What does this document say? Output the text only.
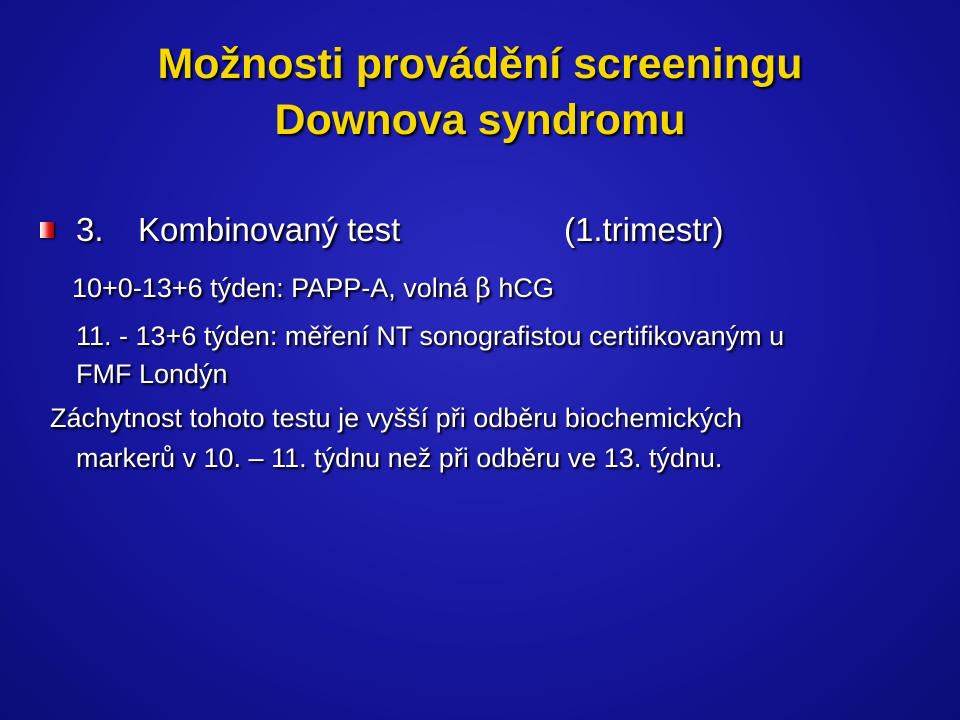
Možnosti provádění screeningu
Downova syndromu
3. Kombinovaný test	(1.trimestr)
10+0-13+6 týden: PAPP-A, volná β hCG
11. - 13+6 týden: měření NT sonografistou certifikovaným u
FMF Londýn
Záchytnost tohoto testu je vyšší při odběru biochemických
markerů v 10. – 11. týdnu než při odběru ve 13. týdnu.
